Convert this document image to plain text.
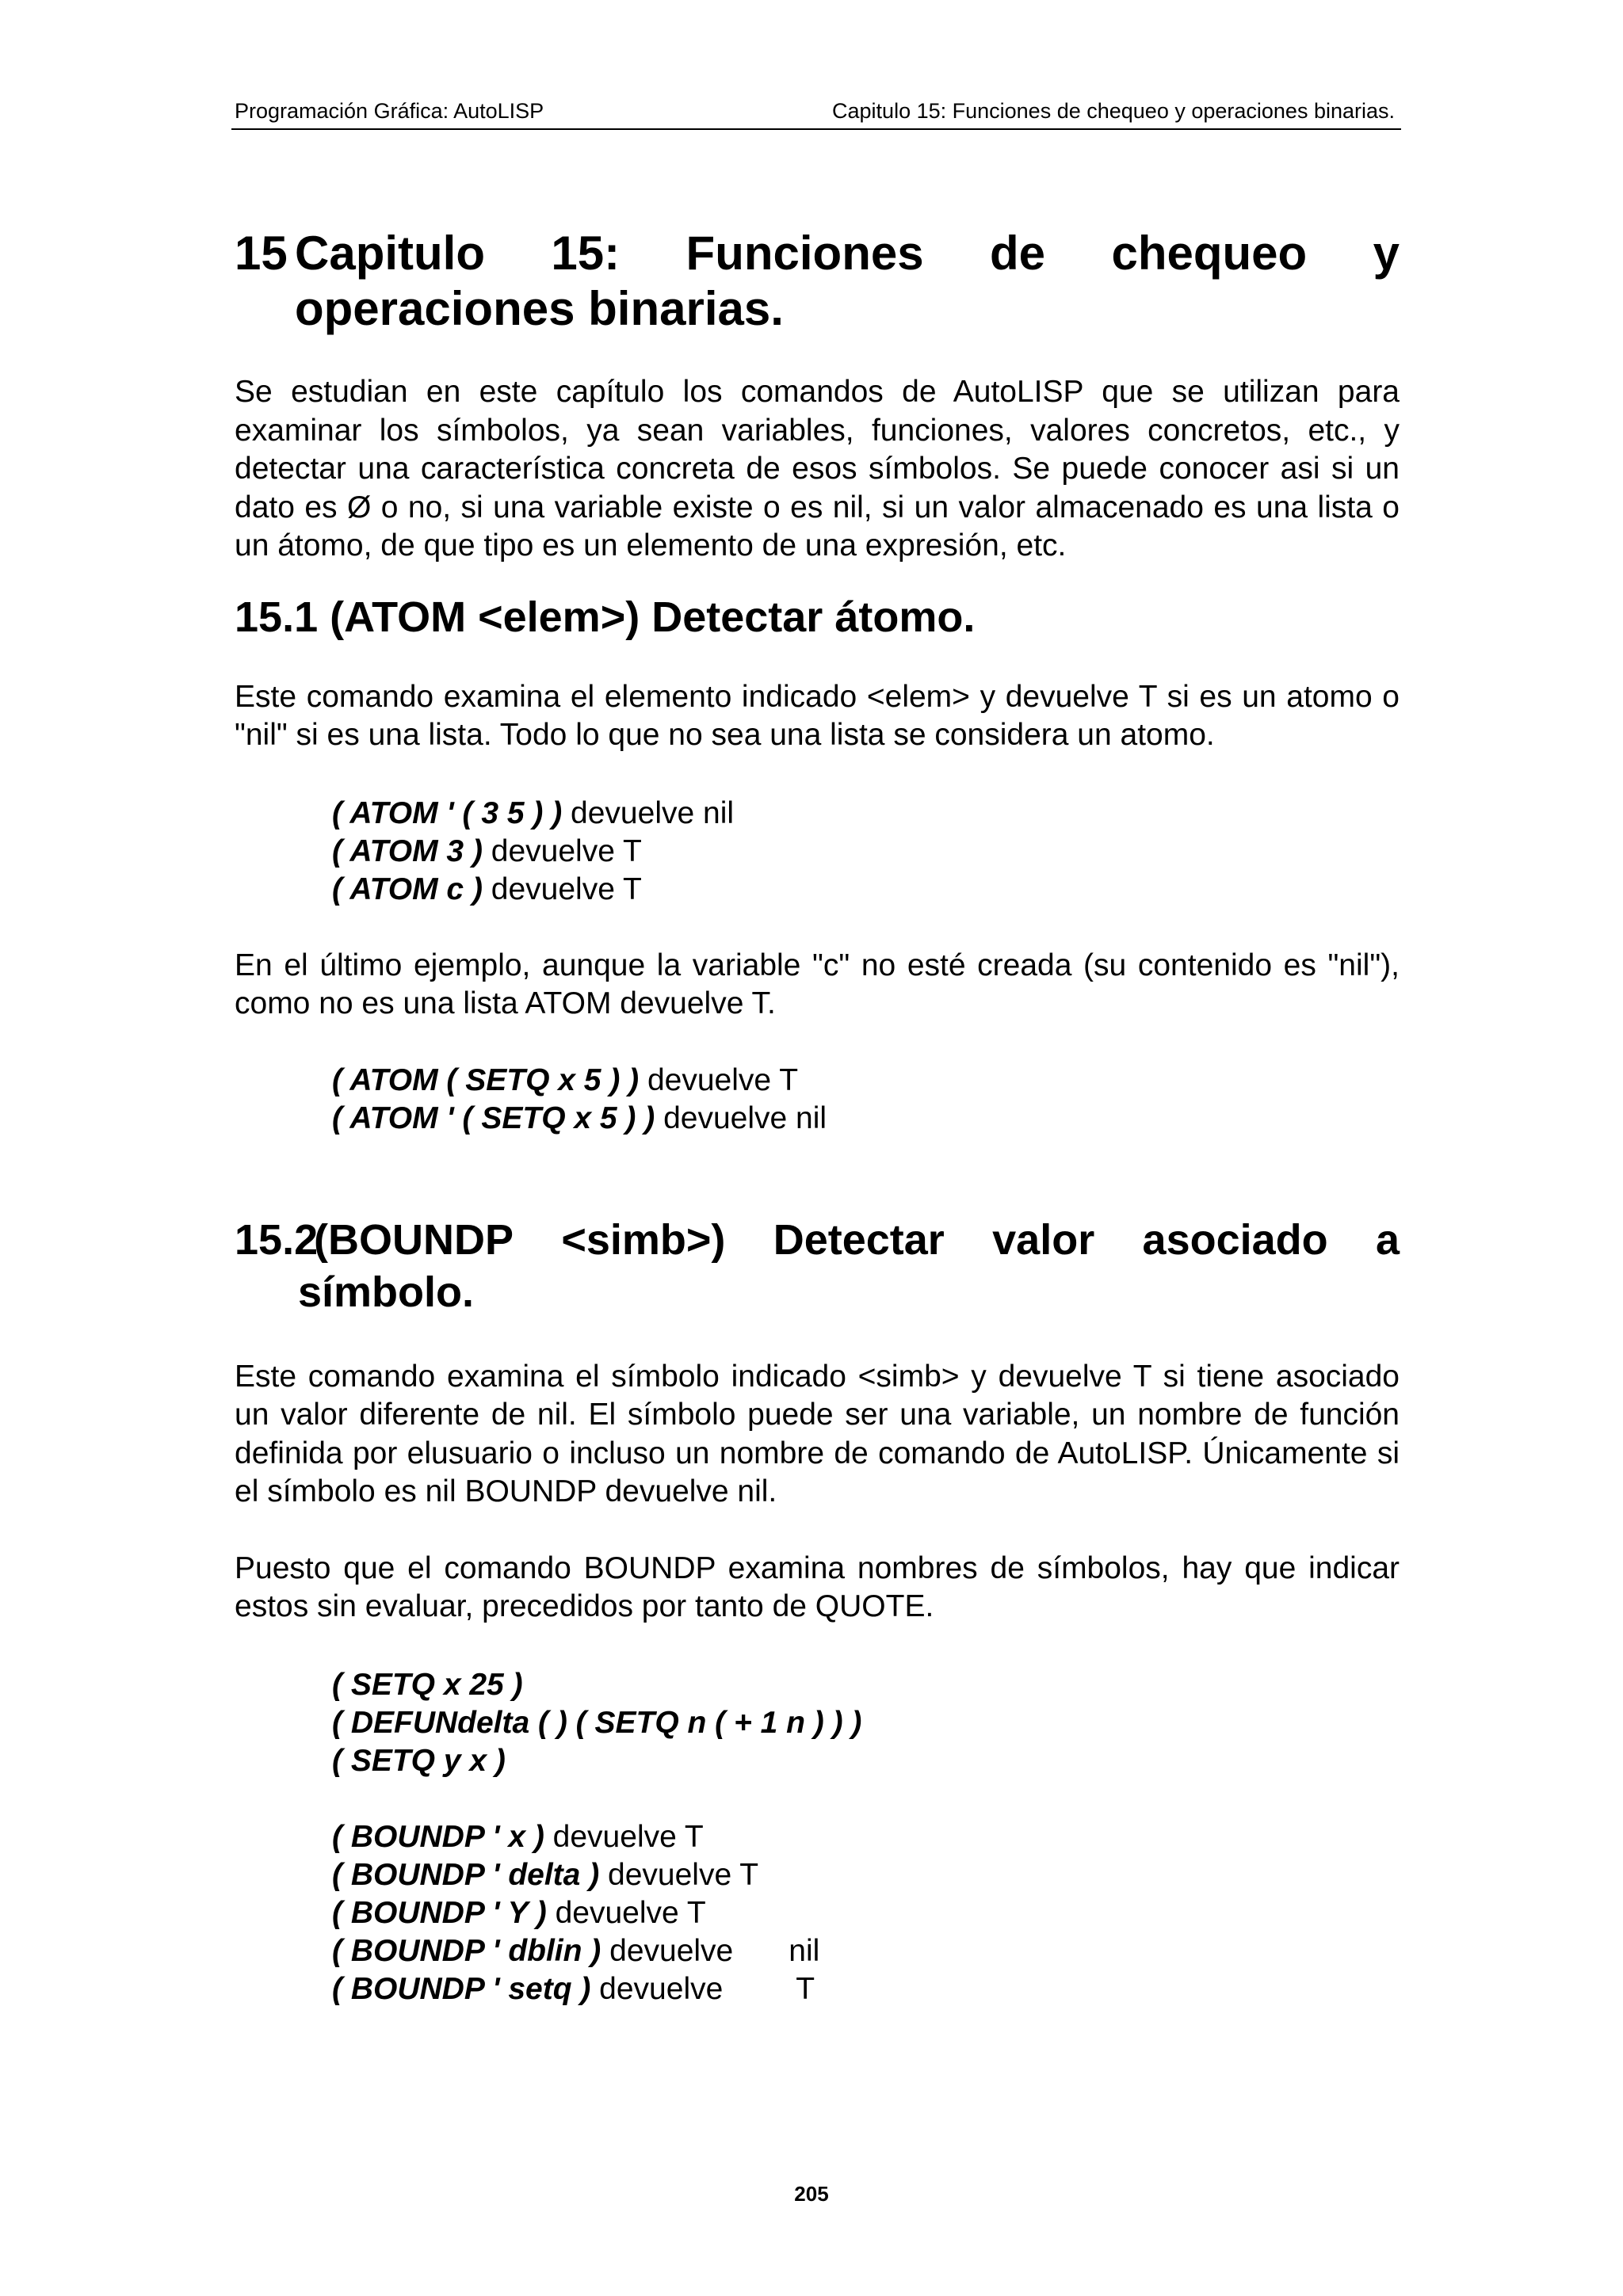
Programación Gráfica: AutoLISP	Capitulo 15: Funciones de chequeo y operaciones binarias.
15 Capitulo 15: Funciones de chequeo y
operaciones binarias.

Se estudian en este capítulo los comandos de AutoLISP que se utilizan para examinar los símbolos, ya sean variables, funciones, valores concretos, etc., y detectar una característica concreta de esos símbolos. Se puede conocer asi si un dato es Ø o no, si una variable existe o es nil, si un valor almacenado es una lista o un átomo, de que tipo es un elemento de una expresión, etc.

15.1 (ATOM <elem>) Detectar átomo.

Este comando examina el elemento indicado <elem> y devuelve T si es un atomo o "nil" si es una lista. Todo lo que no sea una lista se considera un atomo.

( ATOM ' ( 3 5 ) ) devuelve nil
( ATOM 3 ) devuelve T
( ATOM c ) devuelve T

En el último ejemplo, aunque la variable "c" no esté creada (su contenido es "nil"), como no es una lista ATOM devuelve T.

( ATOM ( SETQ x 5 ) ) devuelve T
( ATOM ' ( SETQ x 5 ) ) devuelve nil
15.2
(BOUNDP <simb>) Detectar valor asociado a
símbolo.

Este comando examina el símbolo indicado <simb> y devuelve T si tiene asociado un valor diferente de nil. El símbolo puede ser una variable, un nombre de función definida por elusuario o incluso un nombre de comando de AutoLISP. Únicamente si el símbolo es nil BOUNDP devuelve nil.

Puesto que el comando BOUNDP examina nombres de símbolos, hay que indicar estos sin evaluar, precedidos por tanto de QUOTE.

( SETQ x 25 )
( DEFUNdelta ( ) ( SETQ n ( + 1 n ) ) )
( SETQ y x )
( BOUNDP ' x ) devuelve T
( BOUNDP ' delta ) devuelve T
( BOUNDP ' Y ) devuelve T
( BOUNDP ' dblin ) devuelve nil
( BOUNDP ' setq ) devuelve T
205
